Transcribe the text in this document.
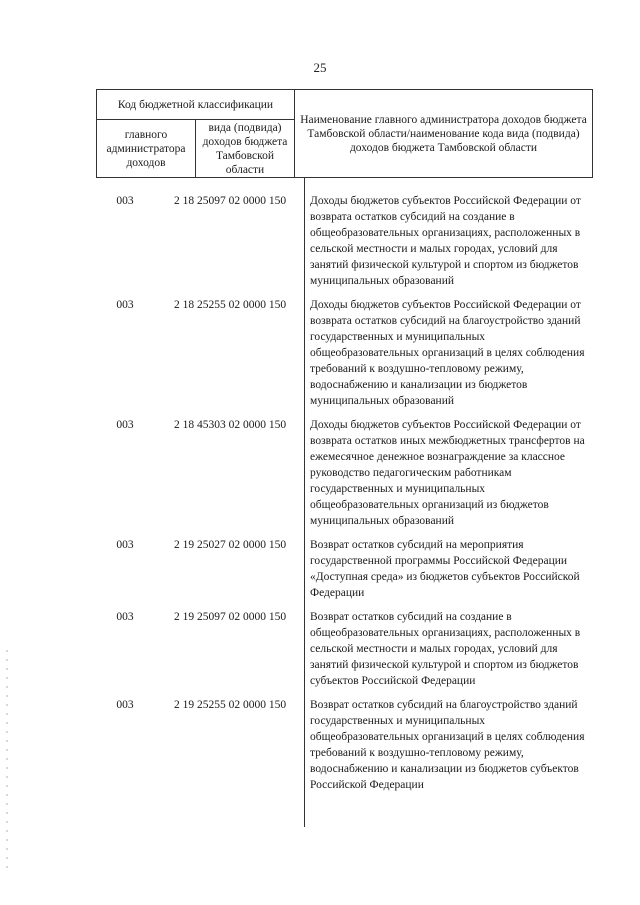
25
Код бюджетной классификации		Наименование главного администратора доходов бюджета Тамбовской области/наименование кода вида (подвида) доходов бюджета Тамбовской области
главного администратора доходов	вида (подвида) доходов бюджета Тамбовской области	
003	2 18 25097 02 0000 150	Доходы бюджетов субъектов Российской Федерации от возврата остатков субсидий на создание в общеобразовательных организациях, расположенных в сельской местности и малых городах, условий для занятий физической культурой и спортом из бюджетов муниципальных образований
003	2 18 25255 02 0000 150	Доходы бюджетов субъектов Российской Федерации от возврата остатков субсидий на благоустройство зданий государственных и муниципальных общеобразовательных организаций в целях соблюдения требований к воздушно-тепловому режиму, водоснабжению и канализации из бюджетов муниципальных образований
003	2 18 45303 02 0000 150	Доходы бюджетов субъектов Российской Федерации от возврата остатков иных межбюджетных трансфертов на ежемесячное денежное вознаграждение за классное руководство педагогическим работникам государственных и муниципальных общеобразовательных организаций из бюджетов муниципальных образований
003	2 19 25027 02 0000 150	Возврат остатков субсидий на мероприятия государственной программы Российской Федерации «Доступная среда» из бюджетов субъектов Российской Федерации
003	2 19 25097 02 0000 150	Возврат остатков субсидий на создание в общеобразовательных организациях, расположенных в сельской местности и малых городах, условий для занятий физической культурой и спортом из бюджетов субъектов Российской Федерации
003	2 19 25255 02 0000 150	Возврат остатков субсидий на благоустройство зданий государственных и муниципальных общеобразовательных организаций в целях соблюдения требований к воздушно-тепловому режиму, водоснабжению и канализации из бюджетов субъектов Российской Федерации
